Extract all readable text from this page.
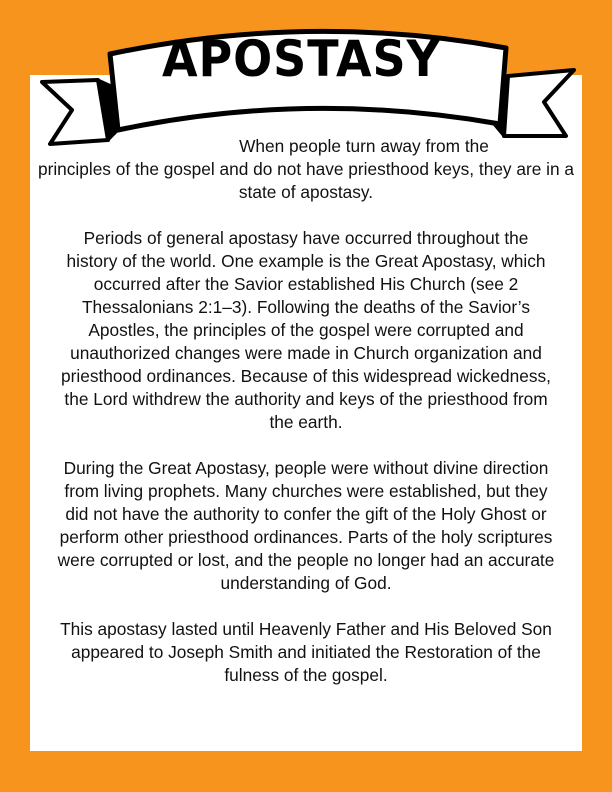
APOSTASY

When people turn away from the
principles of the gospel and do not have priesthood keys, they are in a state of apostasy.

Periods of general apostasy have occurred throughout the history of the world. One example is the Great Apostasy, which occurred after the Savior established His Church (see 2 Thessalonians 2:1–3). Following the deaths of the Savior’s Apostles, the principles of the gospel were corrupted and unauthorized changes were made in Church organization and priesthood ordinances. Because of this widespread wickedness, the Lord withdrew the authority and keys of the priesthood from the earth.

During the Great Apostasy, people were without divine direction from living prophets. Many churches were established, but they did not have the authority to confer the gift of the Holy Ghost or perform other priesthood ordinances. Parts of the holy scriptures were corrupted or lost, and the people no longer had an accurate understanding of God.

This apostasy lasted until Heavenly Father and His Beloved Son appeared to Joseph Smith and initiated the Restoration of the fulness of the gospel.
